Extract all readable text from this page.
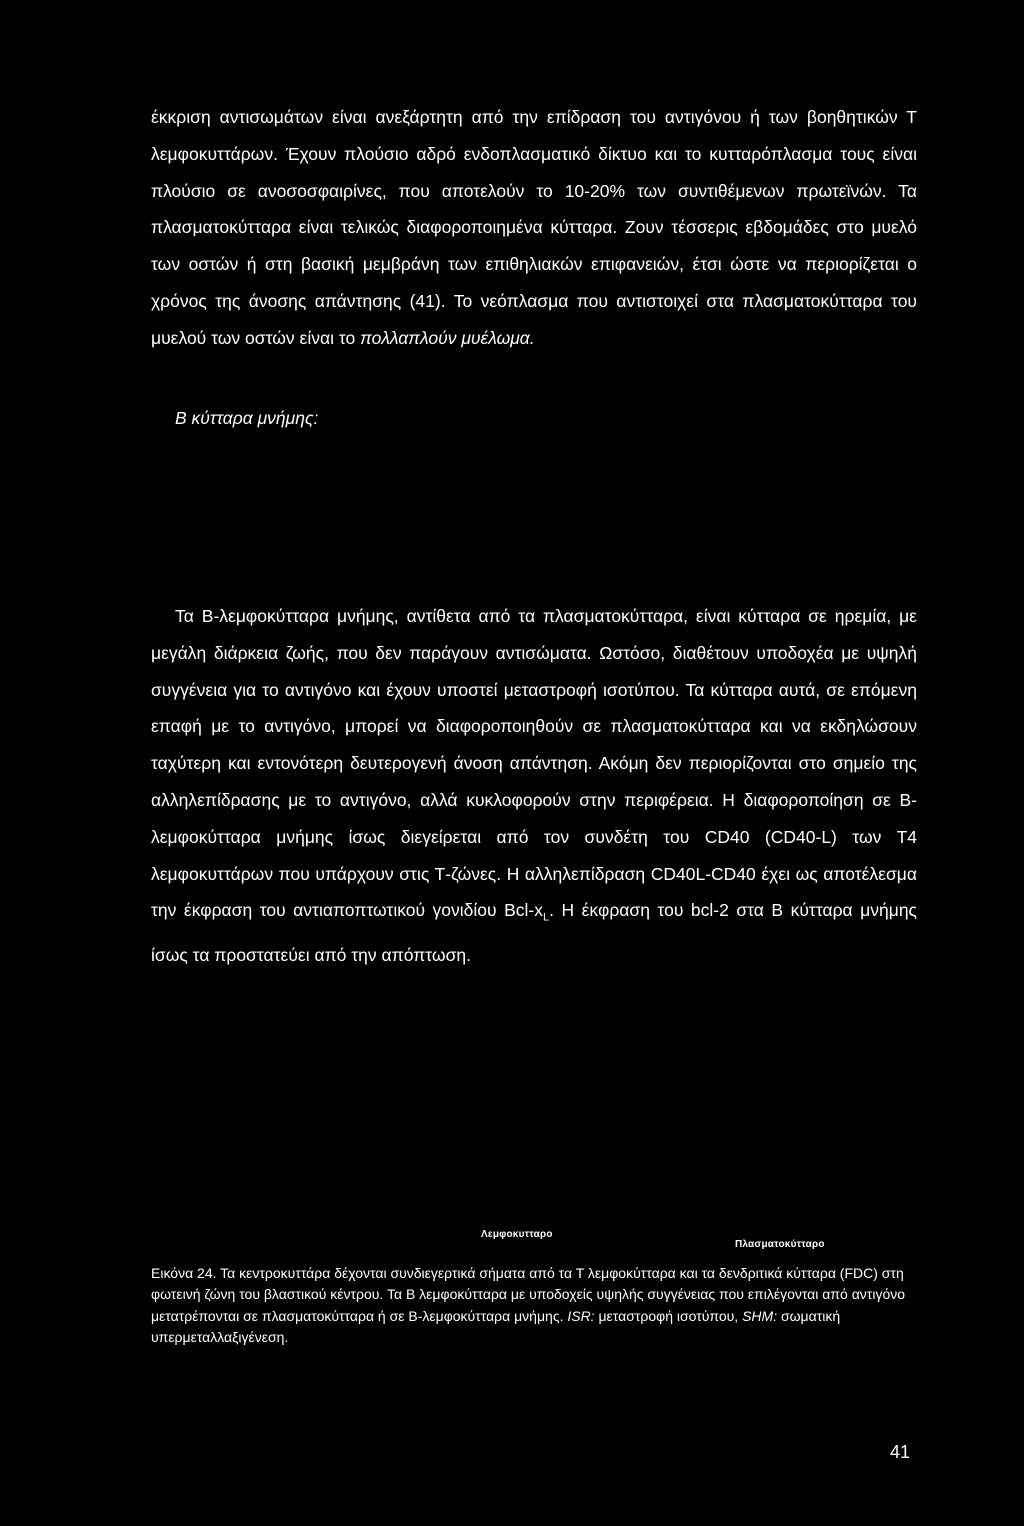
έκκριση αντισωμάτων είναι ανεξάρτητη από την επίδραση του αντιγόνου ή των βοηθητικών Τ λεμφοκυττάρων. Έχουν πλούσιο αδρό ενδοπλασματικό δίκτυο και το κυτταρόπλασμα τους είναι πλούσιο σε ανοσοσφαιρίνες, που αποτελούν το 10-20% των συντιθέμενων πρωτεϊνών. Τα πλασματοκύτταρα είναι τελικώς διαφοροποιημένα κύτταρα. Ζουν τέσσερις εβδομάδες στο μυελό των οστών ή στη βασική μεμβράνη των επιθηλιακών επιφανειών, έτσι ώστε να περιορίζεται ο χρόνος της άνοσης απάντησης (41). Το νεόπλασμα που αντιστοιχεί στα πλασματοκύτταρα του μυελού των οστών είναι το πολλαπλούν μυέλωμα.

Β κύτταρα μνήμης:

Τα Β-λεμφοκύτταρα μνήμης, αντίθετα από τα πλασματοκύτταρα, είναι κύτταρα σε ηρεμία, με μεγάλη διάρκεια ζωής, που δεν παράγουν αντισώματα. Ωστόσο, διαθέτουν υποδοχέα με υψηλή συγγένεια για το αντιγόνο και έχουν υποστεί μεταστροφή ισοτύπου. Τα κύτταρα αυτά, σε επόμενη επαφή με το αντιγόνο, μπορεί να διαφοροποιηθούν σε πλασματοκύτταρα και να εκδηλώσουν ταχύτερη και εντονότερη δευτερογενή άνοση απάντηση. Ακόμη δεν περιορίζονται στο σημείο της αλληλεπίδρασης με το αντιγόνο, αλλά κυκλοφορούν στην περιφέρεια. Η διαφοροποίηση σε Β-λεμφοκύτταρα μνήμης ίσως διεγείρεται από τον συνδέτη του CD40 (CD40-L) των Τ4 λεμφοκυττάρων που υπάρχουν στις Τ-ζώνες. Η αλληλεπίδραση CD40L-CD40 έχει ως αποτέλεσμα την έκφραση του αντιαποπτωτικού γονιδίου Bcl-$x_L$. Η έκφραση του bcl-2 στα Β κύτταρα μνήμης ίσως τα προστατεύει από την απόπτωση.

Λεμφοκυτταρο
Πλασματοκύτταρο

Εικόνα 24. Τα κεντροκυττάρα δέχονται συνδιεγερτικά σήματα από τα Τ λεμφοκύτταρα και τα δενδριτικά κύτταρα (FDC) στη φωτεινή ζώνη του βλαστικού κέντρου. Τα Β λεμφοκύτταρα με υποδοχείς υψηλής συγγένειας που επιλέγονται από αντιγόνο μετατρέπονται σε πλασματοκύτταρα ή σε Β-λεμφοκύτταρα μνήμης. ISR: μεταστροφή ισοτύπου, SHM: σωματική υπερμεταλλαξιγένεση.

41
